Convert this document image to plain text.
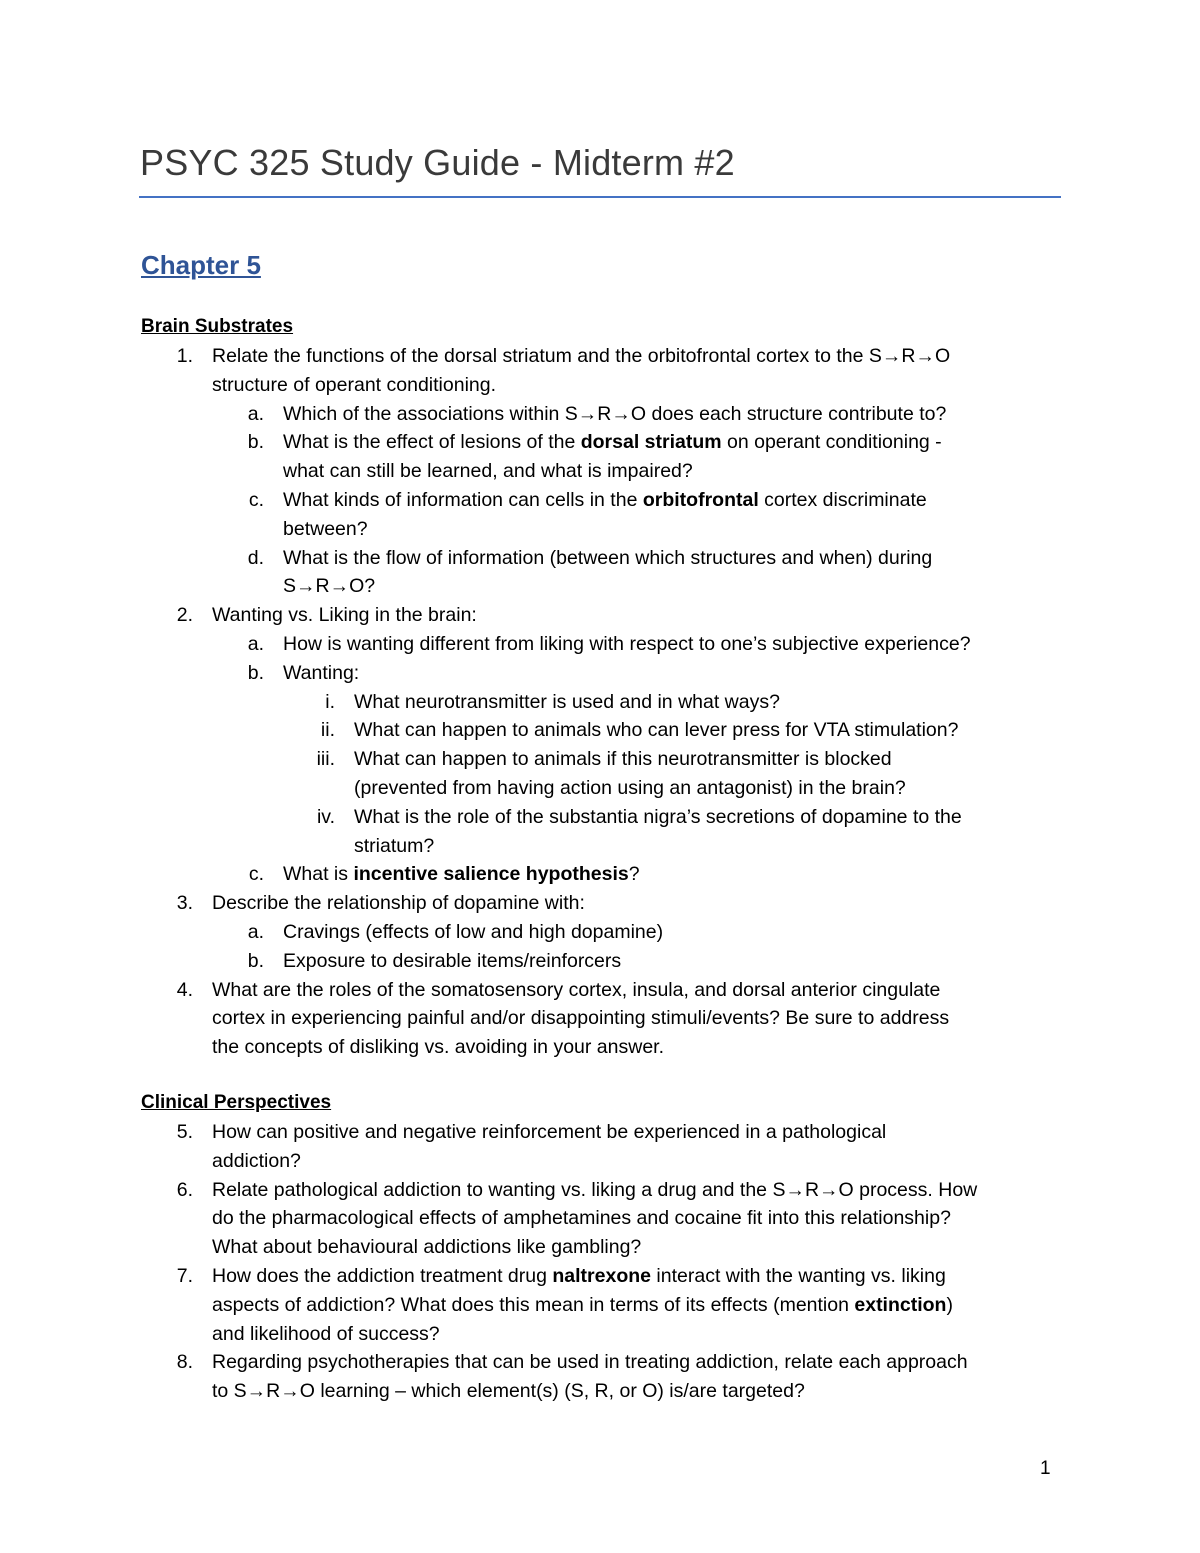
PSYC 325 Study Guide - Midterm #2
Chapter 5
Brain Substrates
1. Relate the functions of the dorsal striatum and the orbitofrontal cortex to the S→R→O
structure of operant conditioning.
a. Which of the associations within S→R→O does each structure contribute to?
b. What is the effect of lesions of the dorsal striatum on operant conditioning -
what can still be learned, and what is impaired?
c. What kinds of information can cells in the orbitofrontal cortex discriminate
between?
d. What is the flow of information (between which structures and when) during
S→R→O?
2. Wanting vs. Liking in the brain:
a. How is wanting different from liking with respect to one’s subjective experience?
b. Wanting:
i. What neurotransmitter is used and in what ways?
ii. What can happen to animals who can lever press for VTA stimulation?
iii. What can happen to animals if this neurotransmitter is blocked
(prevented from having action using an antagonist) in the brain?
iv. What is the role of the substantia nigra’s secretions of dopamine to the
striatum?
c. What is incentive salience hypothesis?
3. Describe the relationship of dopamine with:
a. Cravings (effects of low and high dopamine)
b. Exposure to desirable items/reinforcers
4. What are the roles of the somatosensory cortex, insula, and dorsal anterior cingulate
cortex in experiencing painful and/or disappointing stimuli/events? Be sure to address
the concepts of disliking vs. avoiding in your answer.
Clinical Perspectives
5. How can positive and negative reinforcement be experienced in a pathological
addiction?
6. Relate pathological addiction to wanting vs. liking a drug and the S→R→O process. How
do the pharmacological effects of amphetamines and cocaine fit into this relationship?
What about behavioural addictions like gambling?
7. How does the addiction treatment drug naltrexone interact with the wanting vs. liking
aspects of addiction? What does this mean in terms of its effects (mention extinction)
and likelihood of success?
8. Regarding psychotherapies that can be used in treating addiction, relate each approach
to S→R→O learning – which element(s) (S, R, or O) is/are targeted?

1
